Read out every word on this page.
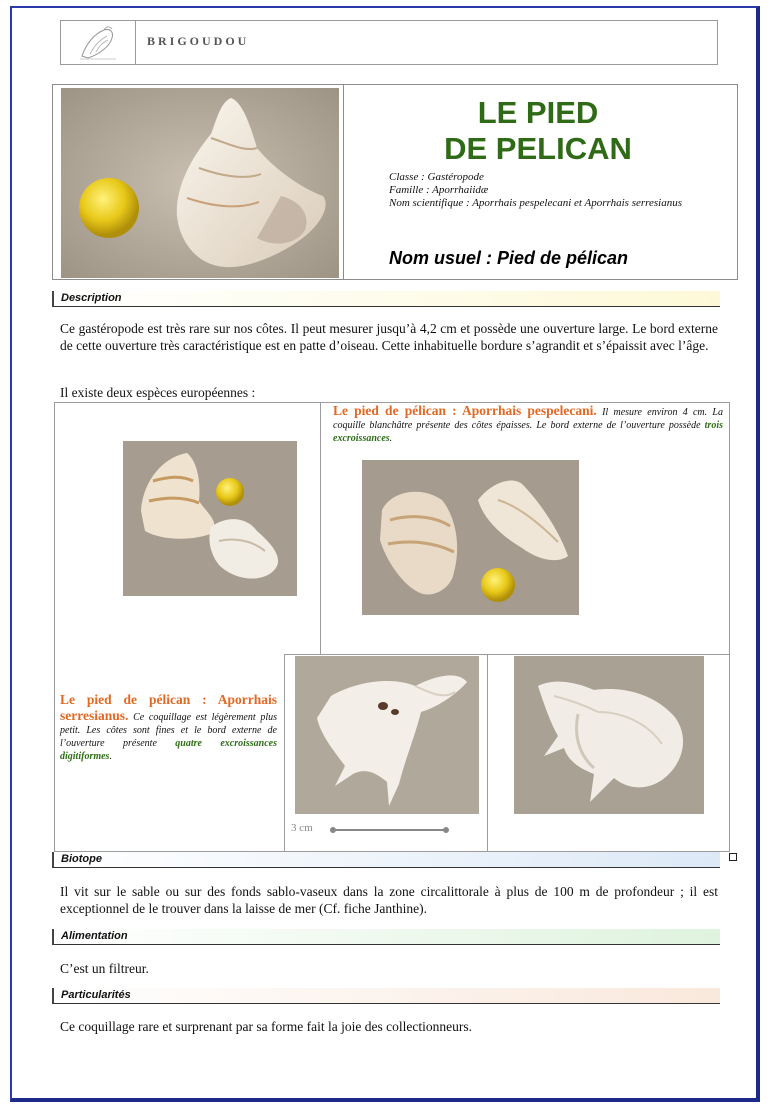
BRIGOUDOU
LE PIED
DE PELICAN
Classe : Gastéropode
Famille : Aporrhaiidæ
Nom scientifique : Aporrhais pespelecani et Aporrhais serresianus
Nom usuel : Pied de pélican
Description
Ce gastéropode est très rare sur nos côtes. Il peut mesurer jusqu’à 4,2 cm et possède une ouverture large. Le bord externe de cette ouverture très caractéristique est en patte d’oiseau. Cette inhabituelle bordure s’agrandit et s’épaissit avec l’âge.
Il existe deux espèces européennes :
Le pied de pélican : Aporrhais pespelecani. Il mesure environ 4 cm. La coquille blanchâtre présente des côtes épaisses. Le bord externe de l’ouverture possède trois excroissances.
Le pied de pélican : Aporrhais serresianus. Ce coquillage est légèrement plus petit. Les côtes sont fines et le bord externe de l’ouverture présente quatre excroissances digitiformes.
3 cm
Biotope
Il vit sur le sable ou sur des fonds sablo-vaseux dans la zone circalittorale à plus de 100 m de profondeur ; il est exceptionnel de le trouver dans la laisse de mer (Cf. fiche Janthine).
Alimentation
C’est un filtreur.
Particularités
Ce coquillage rare et surprenant par sa forme fait la joie des collectionneurs.
